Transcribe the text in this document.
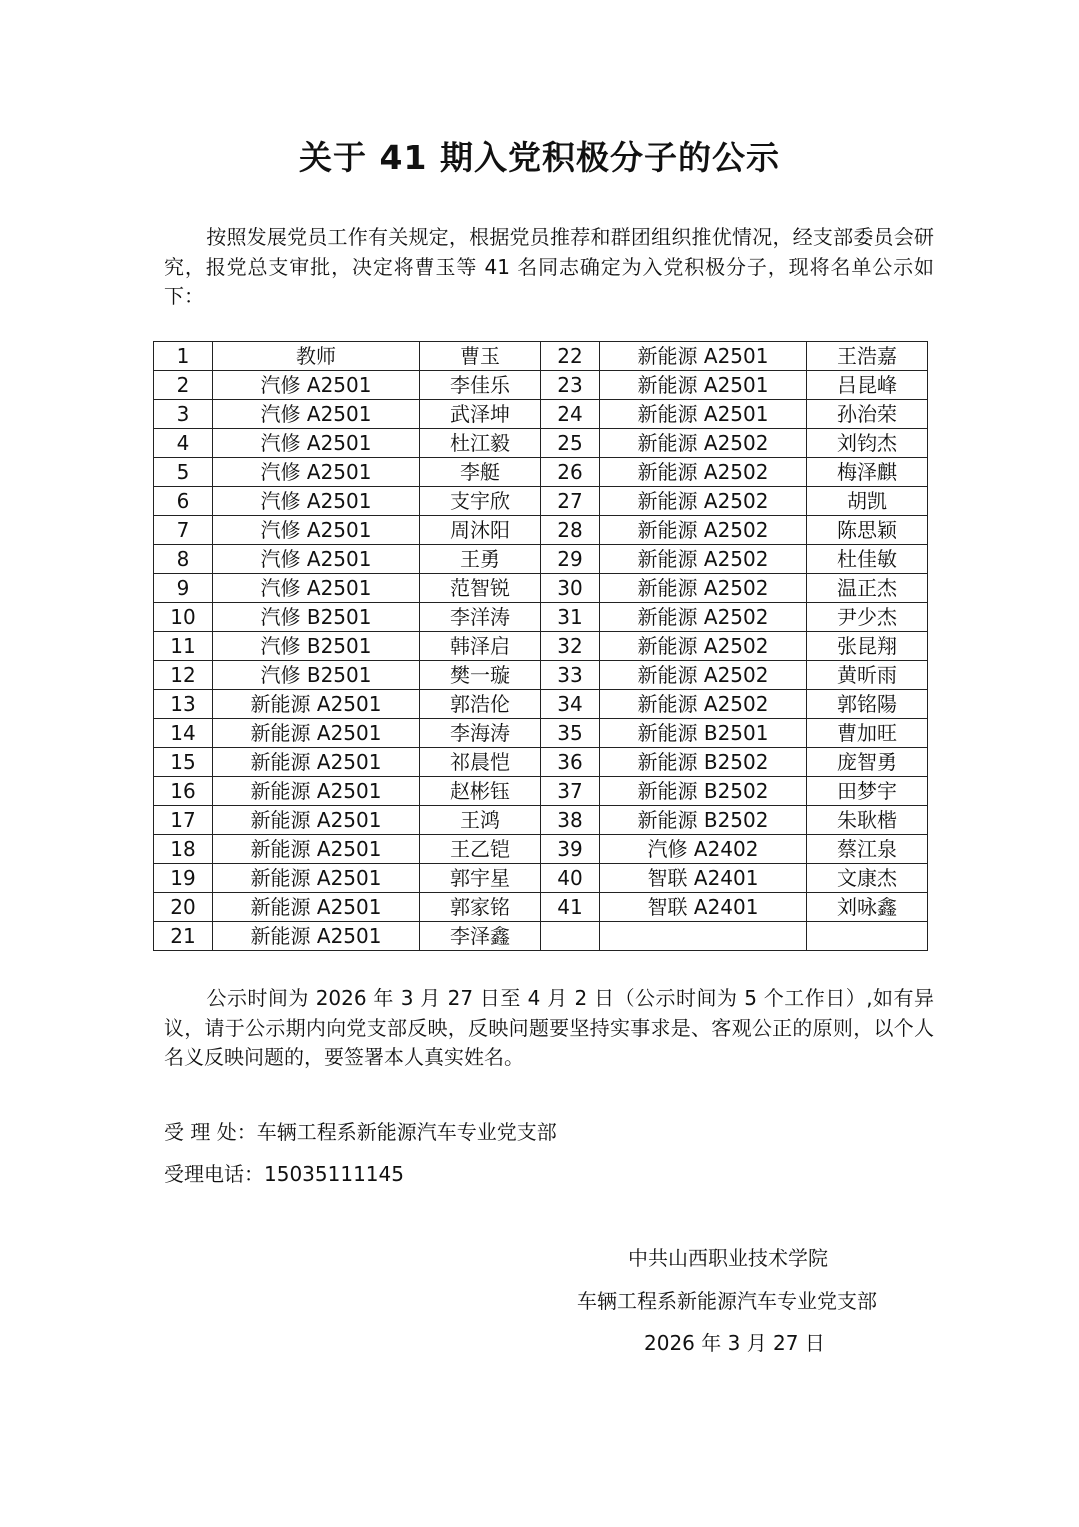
关于 41 期入党积极分子的公示
按照发展党员工作有关规定，根据党员推荐和群团组织推优情况，经支部委员会研究，报党总支审批，决定将曹玉等 41 名同志确定为入党积极分子，现将名单公示如下：
1	教师	曹玉	22	新能源 A2501	王浩嘉
2	汽修 A2501	李佳乐	23	新能源 A2501	吕昆峰
3	汽修 A2501	武泽坤	24	新能源 A2501	孙治荣
4	汽修 A2501	杜江毅	25	新能源 A2502	刘钧杰
5	汽修 A2501	李艇	26	新能源 A2502	梅泽麒
6	汽修 A2501	支宇欣	27	新能源 A2502	胡凯
7	汽修 A2501	周沐阳	28	新能源 A2502	陈思颖
8	汽修 A2501	王勇	29	新能源 A2502	杜佳敏
9	汽修 A2501	范智锐	30	新能源 A2502	温正杰
10	汽修 B2501	李洋涛	31	新能源 A2502	尹少杰
11	汽修 B2501	韩泽启	32	新能源 A2502	张昆翔
12	汽修 B2501	樊一璇	33	新能源 A2502	黄昕雨
13	新能源 A2501	郭浩伦	34	新能源 A2502	郭铭陽
14	新能源 A2501	李海涛	35	新能源 B2501	曹加旺
15	新能源 A2501	祁晨恺	36	新能源 B2502	庞智勇
16	新能源 A2501	赵彬钰	37	新能源 B2502	田梦宇
17	新能源 A2501	王鸿	38	新能源 B2502	朱耿楷
18	新能源 A2501	王乙铠	39	汽修 A2402	蔡江泉
19	新能源 A2501	郭宇星	40	智联 A2401	文康杰
20	新能源 A2501	郭家铭	41	智联 A2401	刘咏鑫
21	新能源 A2501	李泽鑫			
公示时间为 2026 年 3 月 27 日至 4 月 2 日（公示时间为 5 个工作日）,如有异议，请于公示期内向党支部反映，反映问题要坚持实事求是、客观公正的原则，以个人名义反映问题的，要签署本人真实姓名。
受 理 处：车辆工程系新能源汽车专业党支部
受理电话：15035111145
中共山西职业技术学院
车辆工程系新能源汽车专业党支部
2026 年 3 月 27 日
